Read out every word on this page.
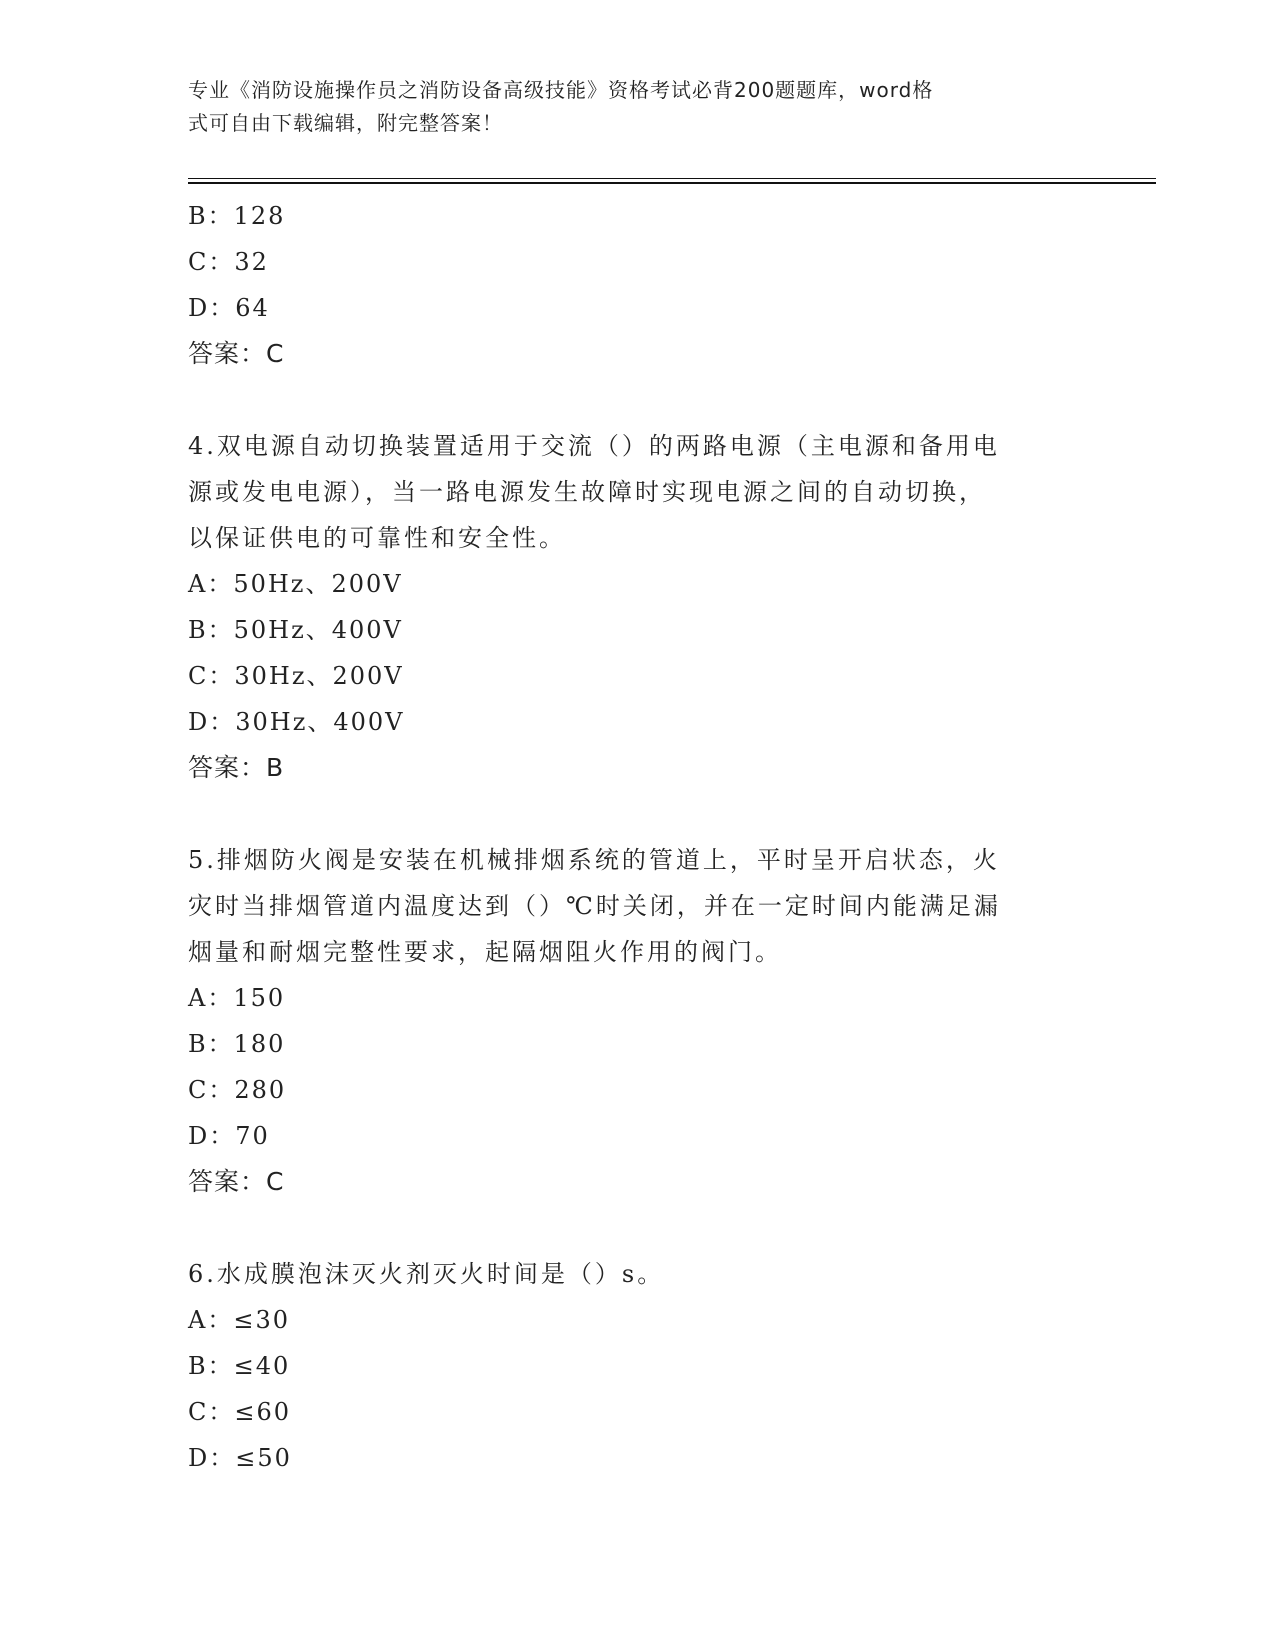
专业《消防设施操作员之消防设备高级技能》资格考试必背200题题库，word格
式可自由下载编辑，附完整答案！
B：128
C：32
D：64
答案：C
4.双电源自动切换装置适用于交流（）的两路电源（主电源和备用电
源或发电电源），当一路电源发生故障时实现电源之间的自动切换，
以保证供电的可靠性和安全性。
A：50Hz、200V
B：50Hz、400V
C：30Hz、200V
D：30Hz、400V
答案：B
5.排烟防火阀是安装在机械排烟系统的管道上，平时呈开启状态，火
灾时当排烟管道内温度达到（）℃时关闭，并在一定时间内能满足漏
烟量和耐烟完整性要求，起隔烟阻火作用的阀门。
A：150
B：180
C：280
D：70
答案：C
6.水成膜泡沫灭火剂灭火时间是（）s。
A：≤30
B：≤40
C：≤60
D：≤50
